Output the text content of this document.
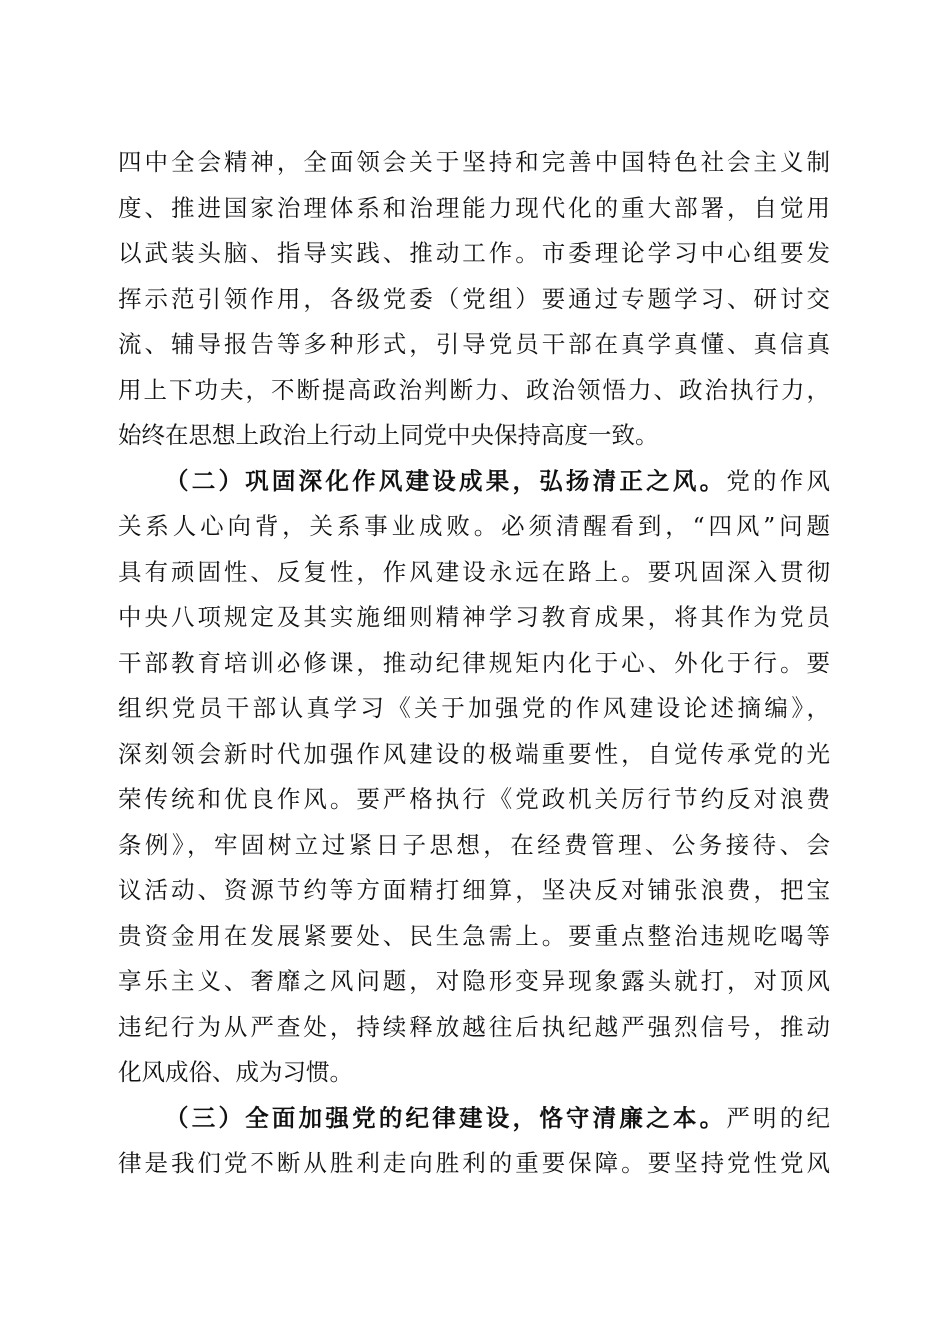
四中全会精神，全面领会关于坚持和完善中国特色社会主义制
度、推进国家治理体系和治理能力现代化的重大部署，自觉用
以武装头脑、指导实践、推动工作。市委理论学习中心组要发
挥示范引领作用，各级党委（党组）要通过专题学习、研讨交
流、辅导报告等多种形式，引导党员干部在真学真懂、真信真
用上下功夫，不断提高政治判断力、政治领悟力、政治执行力，
始终在思想上政治上行动上同党中央保持高度一致。
（二）巩固深化作风建设成果，弘扬清正之风。党的作风
关系人心向背，关系事业成败。必须清醒看到，“四风”问题
具有顽固性、反复性，作风建设永远在路上。要巩固深入贯彻
中央八项规定及其实施细则精神学习教育成果，将其作为党员
干部教育培训必修课，推动纪律规矩内化于心、外化于行。要
组织党员干部认真学习《关于加强党的作风建设论述摘编》，
深刻领会新时代加强作风建设的极端重要性，自觉传承党的光
荣传统和优良作风。要严格执行《党政机关厉行节约反对浪费
条例》，牢固树立过紧日子思想，在经费管理、公务接待、会
议活动、资源节约等方面精打细算，坚决反对铺张浪费，把宝
贵资金用在发展紧要处、民生急需上。要重点整治违规吃喝等
享乐主义、奢靡之风问题，对隐形变异现象露头就打，对顶风
违纪行为从严查处，持续释放越往后执纪越严强烈信号，推动
化风成俗、成为习惯。
（三）全面加强党的纪律建设，恪守清廉之本。严明的纪
律是我们党不断从胜利走向胜利的重要保障。要坚持党性党风
